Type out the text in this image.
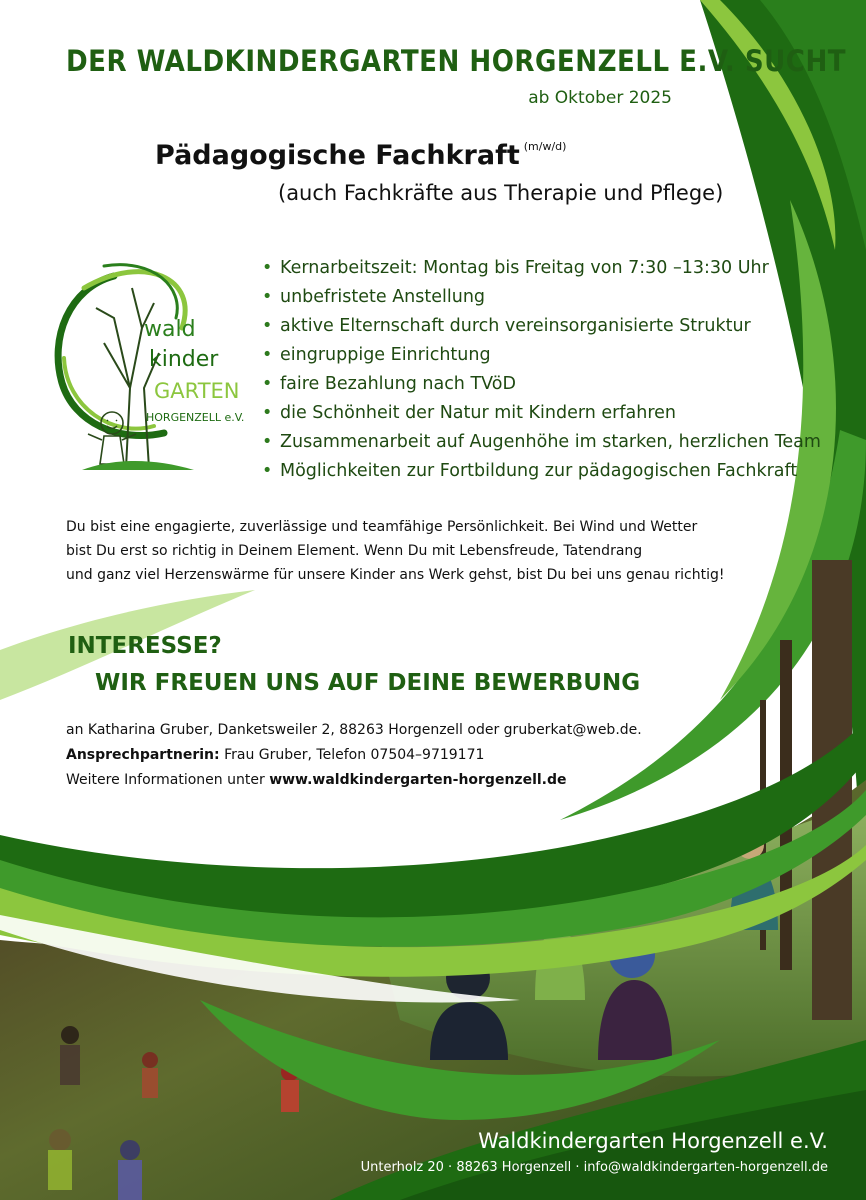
DER WALDKINDERGARTEN HORGENZELL E.V. SUCHT
ab Oktober 2025
Pädagogische Fachkraft $^{(m/w/d)}$
(auch Fachkräfte aus Therapie und Pflege)
wald
kinder
GARTEN
HORGENZELL e.V.
• Kernarbeitszeit: Montag bis Freitag von 7:30 –13:30 Uhr
• unbefristete Anstellung
• aktive Elternschaft durch vereinsorganisierte Struktur
• eingruppige Einrichtung
• faire Bezahlung nach TVöD
• die Schönheit der Natur mit Kindern erfahren
• Zusammenarbeit auf Augenhöhe im starken, herzlichen Team
• Möglichkeiten zur Fortbildung zur pädagogischen Fachkraft
Du bist eine engagierte, zuverlässige und teamfähige Persönlichkeit. Bei Wind und Wetter
bist Du erst so richtig in Deinem Element. Wenn Du mit Lebensfreude, Tatendrang
und ganz viel Herzenswärme für unsere Kinder ans Werk gehst, bist Du bei uns genau richtig!
INTERESSE?
WIR FREUEN UNS AUF DEINE BEWERBUNG
an Katharina Gruber, Danketsweiler 2, 88263 Horgenzell oder gruberkat@web.de.
Ansprechpartnerin: Frau Gruber, Telefon 07504–9719171
Weitere Informationen unter www.waldkindergarten-horgenzell.de
Waldkindergarten Horgenzell e.V.
Unterholz 20 · 88263 Horgenzell · info@waldkindergarten-horgenzell.de
